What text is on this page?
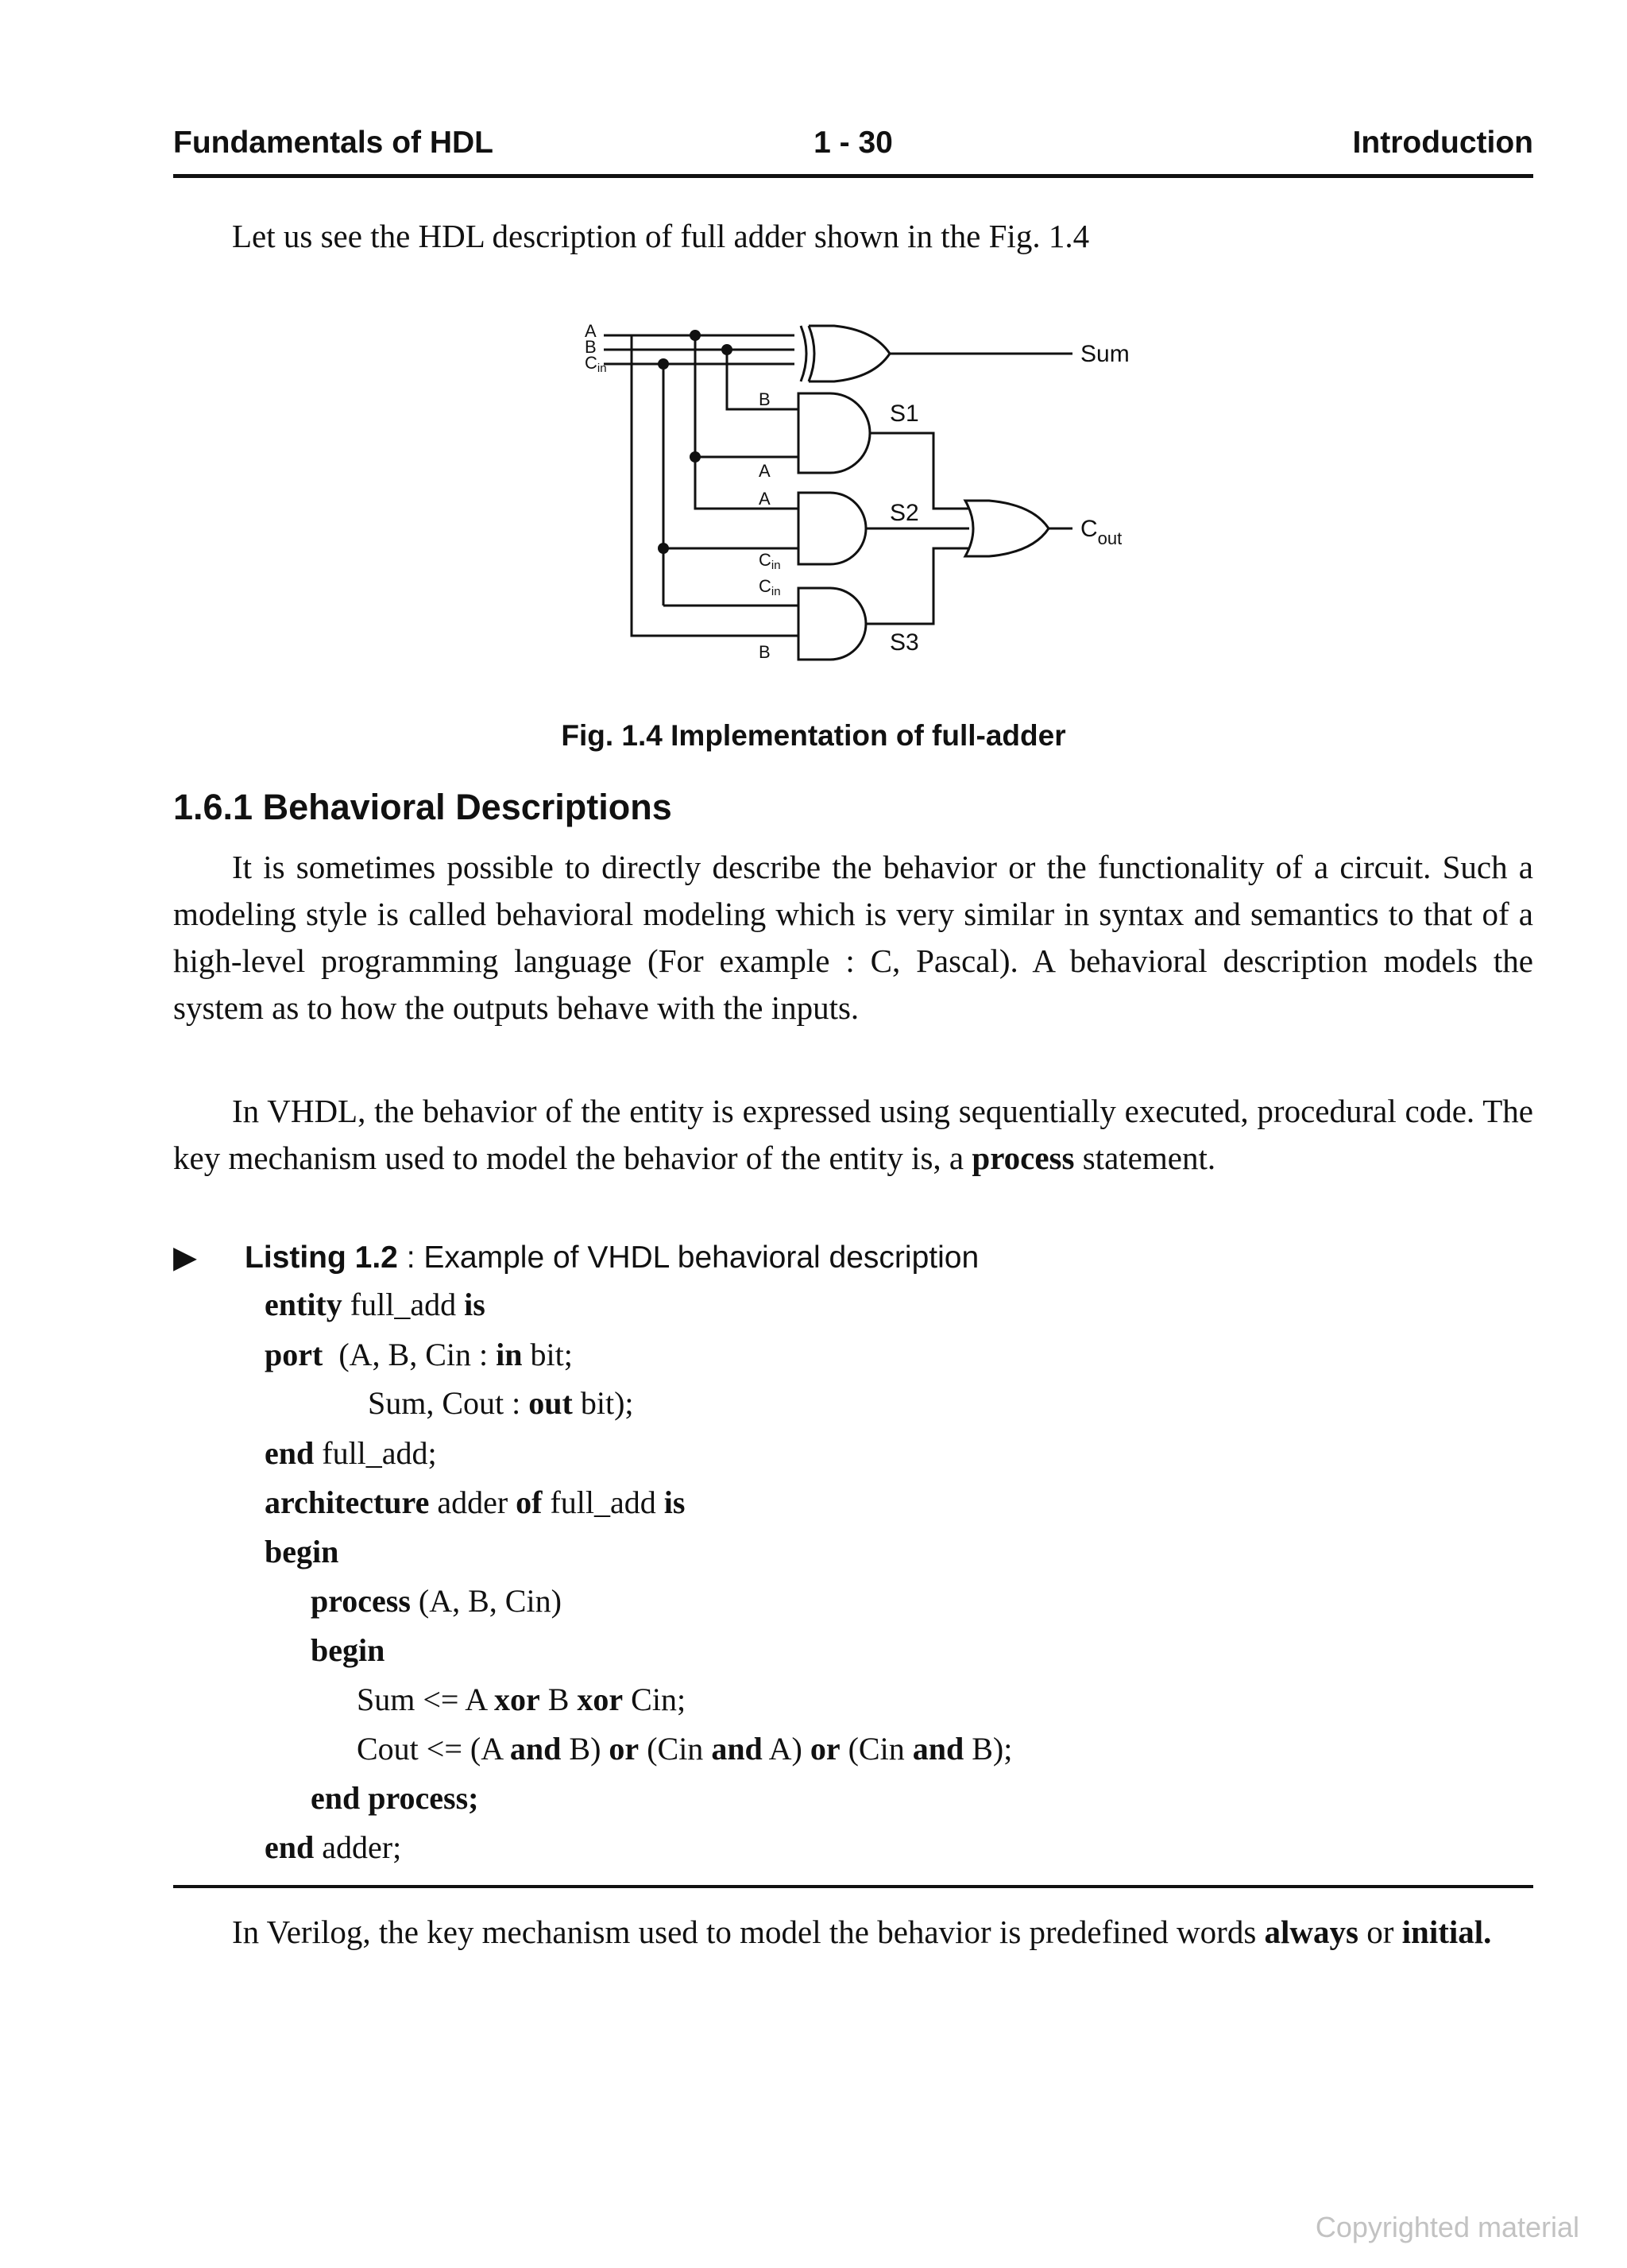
Fundamentals of HDL	1 - 30	Introduction
Let us see the HDL description of full adder shown in the Fig. 1.4
A
B
Cin
Sum
$C_{out}$
S1
S2
S3
B
A
A
Cin
Cin
B
Fig. 1.4 Implementation of full-adder
1.6.1 Behavioral Descriptions
It is sometimes possible to directly describe the behavior or the functionality of a circuit. Such a modeling style is called behavioral modeling which is very similar in syntax and semantics to that of a high-level programming language (For example : C, Pascal). A behavioral description models the system as to how the outputs behave with the inputs.
In VHDL, the behavior of the entity is expressed using sequentially executed, procedural code. The key mechanism used to model the behavior of the entity is, a process statement.
▶ Listing 1.2 : Example of VHDL behavioral description
entity full_add is
port (A, B, Cin : in bit;
Sum, Cout : out bit);
end full_add;
architecture adder of full_add is
begin
process (A, B, Cin)
begin
Sum <= A xor B xor Cin;
Cout <= (A and B) or (Cin and A) or (Cin and B);
end process;
end adder;
In Verilog, the key mechanism used to model the behavior is predefined words always or initial.
Copyrighted material
